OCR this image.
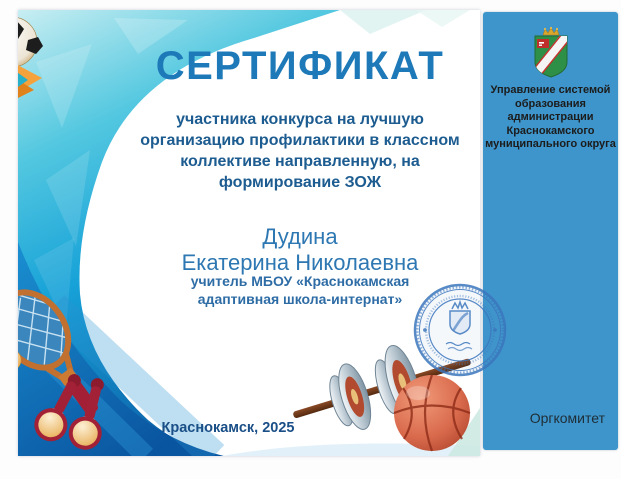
СЕРТИФИКАТ
участника конкурса на лучшую
организацию профилактики в классном
коллективе направленную, на
формирование ЗОЖ
Дудина
Екатерина Николаевна
учитель МБОУ «Краснокамская
адаптивная школа-интернат»
Краснокамск, 2025
Управление системой
образования
администрации
Краснокамского
муниципального округа
Оргкомитет
